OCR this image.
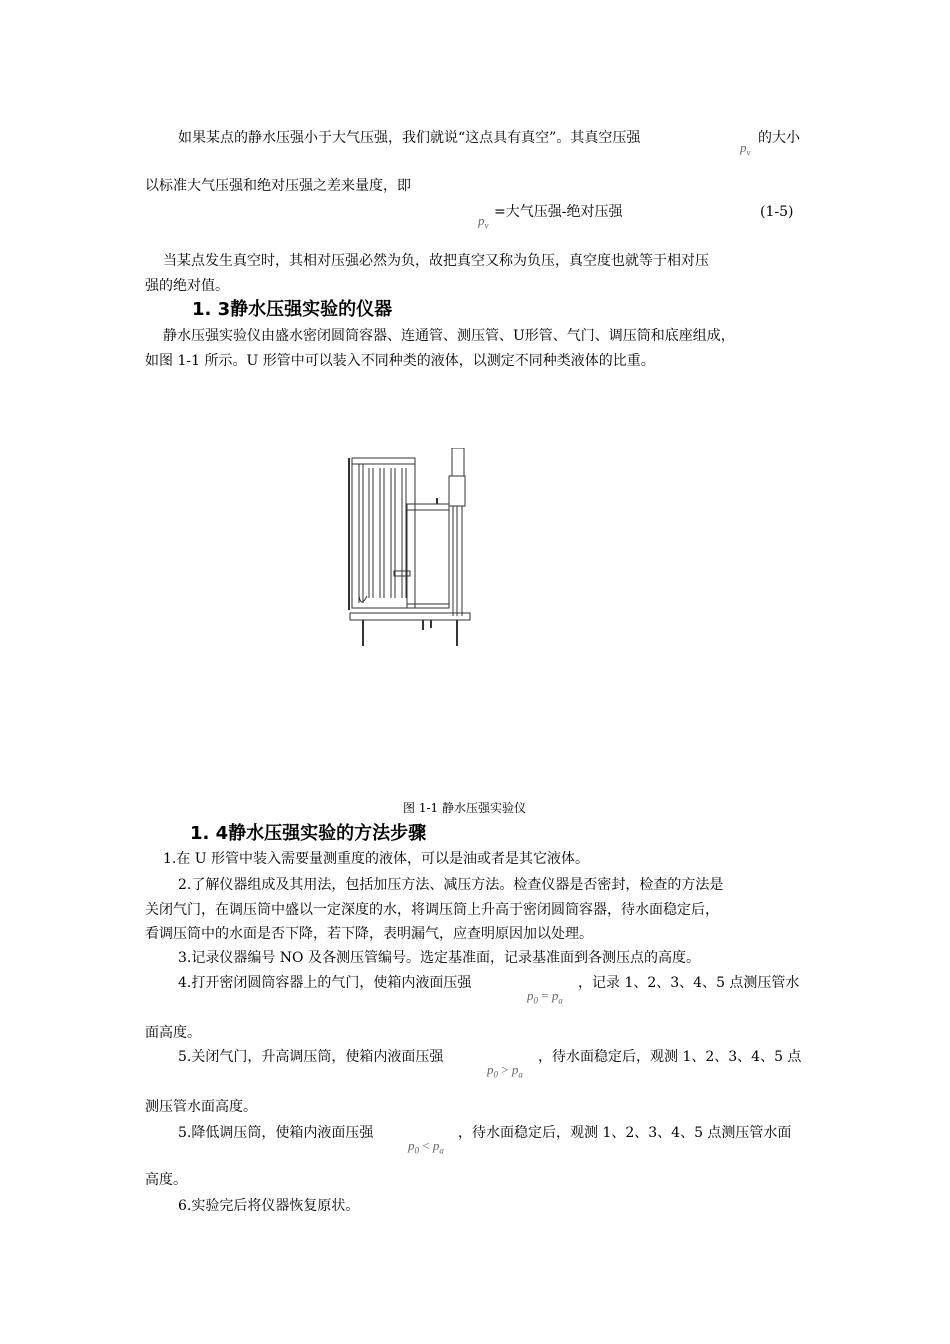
如果某点的静水压强小于大气压强，我们就说“这点具有真空”。其真空压强
$p_v$
的大小
以标准大气压强和绝对压强之差来量度，即
$p_v$
=大气压强-绝对压强	(1-5)
当某点发生真空时，其相对压强必然为负，故把真空又称为负压，真空度也就等于相对压
强的绝对值。
1. 3静水压强实验的仪器
静水压强实验仪由盛水密闭圆筒容器、连通管、测压管、U形管、气门、调压筒和底座组成，
如图 1-1 所示。U 形管中可以装入不同种类的液体，以测定不同种类液体的比重。
图 1-1 静水压强实验仪
1. 4静水压强实验的方法步骤
1.在 U 形管中装入需要量测重度的液体，可以是油或者是其它液体。
2.了解仪器组成及其用法，包括加压方法、减压方法。检查仪器是否密封，检查的方法是
关闭气门，在调压筒中盛以一定深度的水，将调压筒上升高于密闭圆筒容器，待水面稳定后，
看调压筒中的水面是否下降，若下降，表明漏气，应查明原因加以处理。
3.记录仪器编号 NO 及各测压管编号。选定基准面，记录基准面到各测压点的高度。
4.打开密闭圆筒容器上的气门，使箱内液面压强
$p_0 = p_a$
，记录 1、2、3、4、5 点测压管水
面高度。
5.关闭气门，升高调压筒，使箱内液面压强
$p_0 > p_a$
，待水面稳定后，观测 1、2、3、4、5 点
测压管水面高度。
5.降低调压筒，使箱内液面压强
$p_0 < p_a$
，待水面稳定后，观测 1、2、3、4、5 点测压管水面
高度。
6.实验完后将仪器恢复原状。
